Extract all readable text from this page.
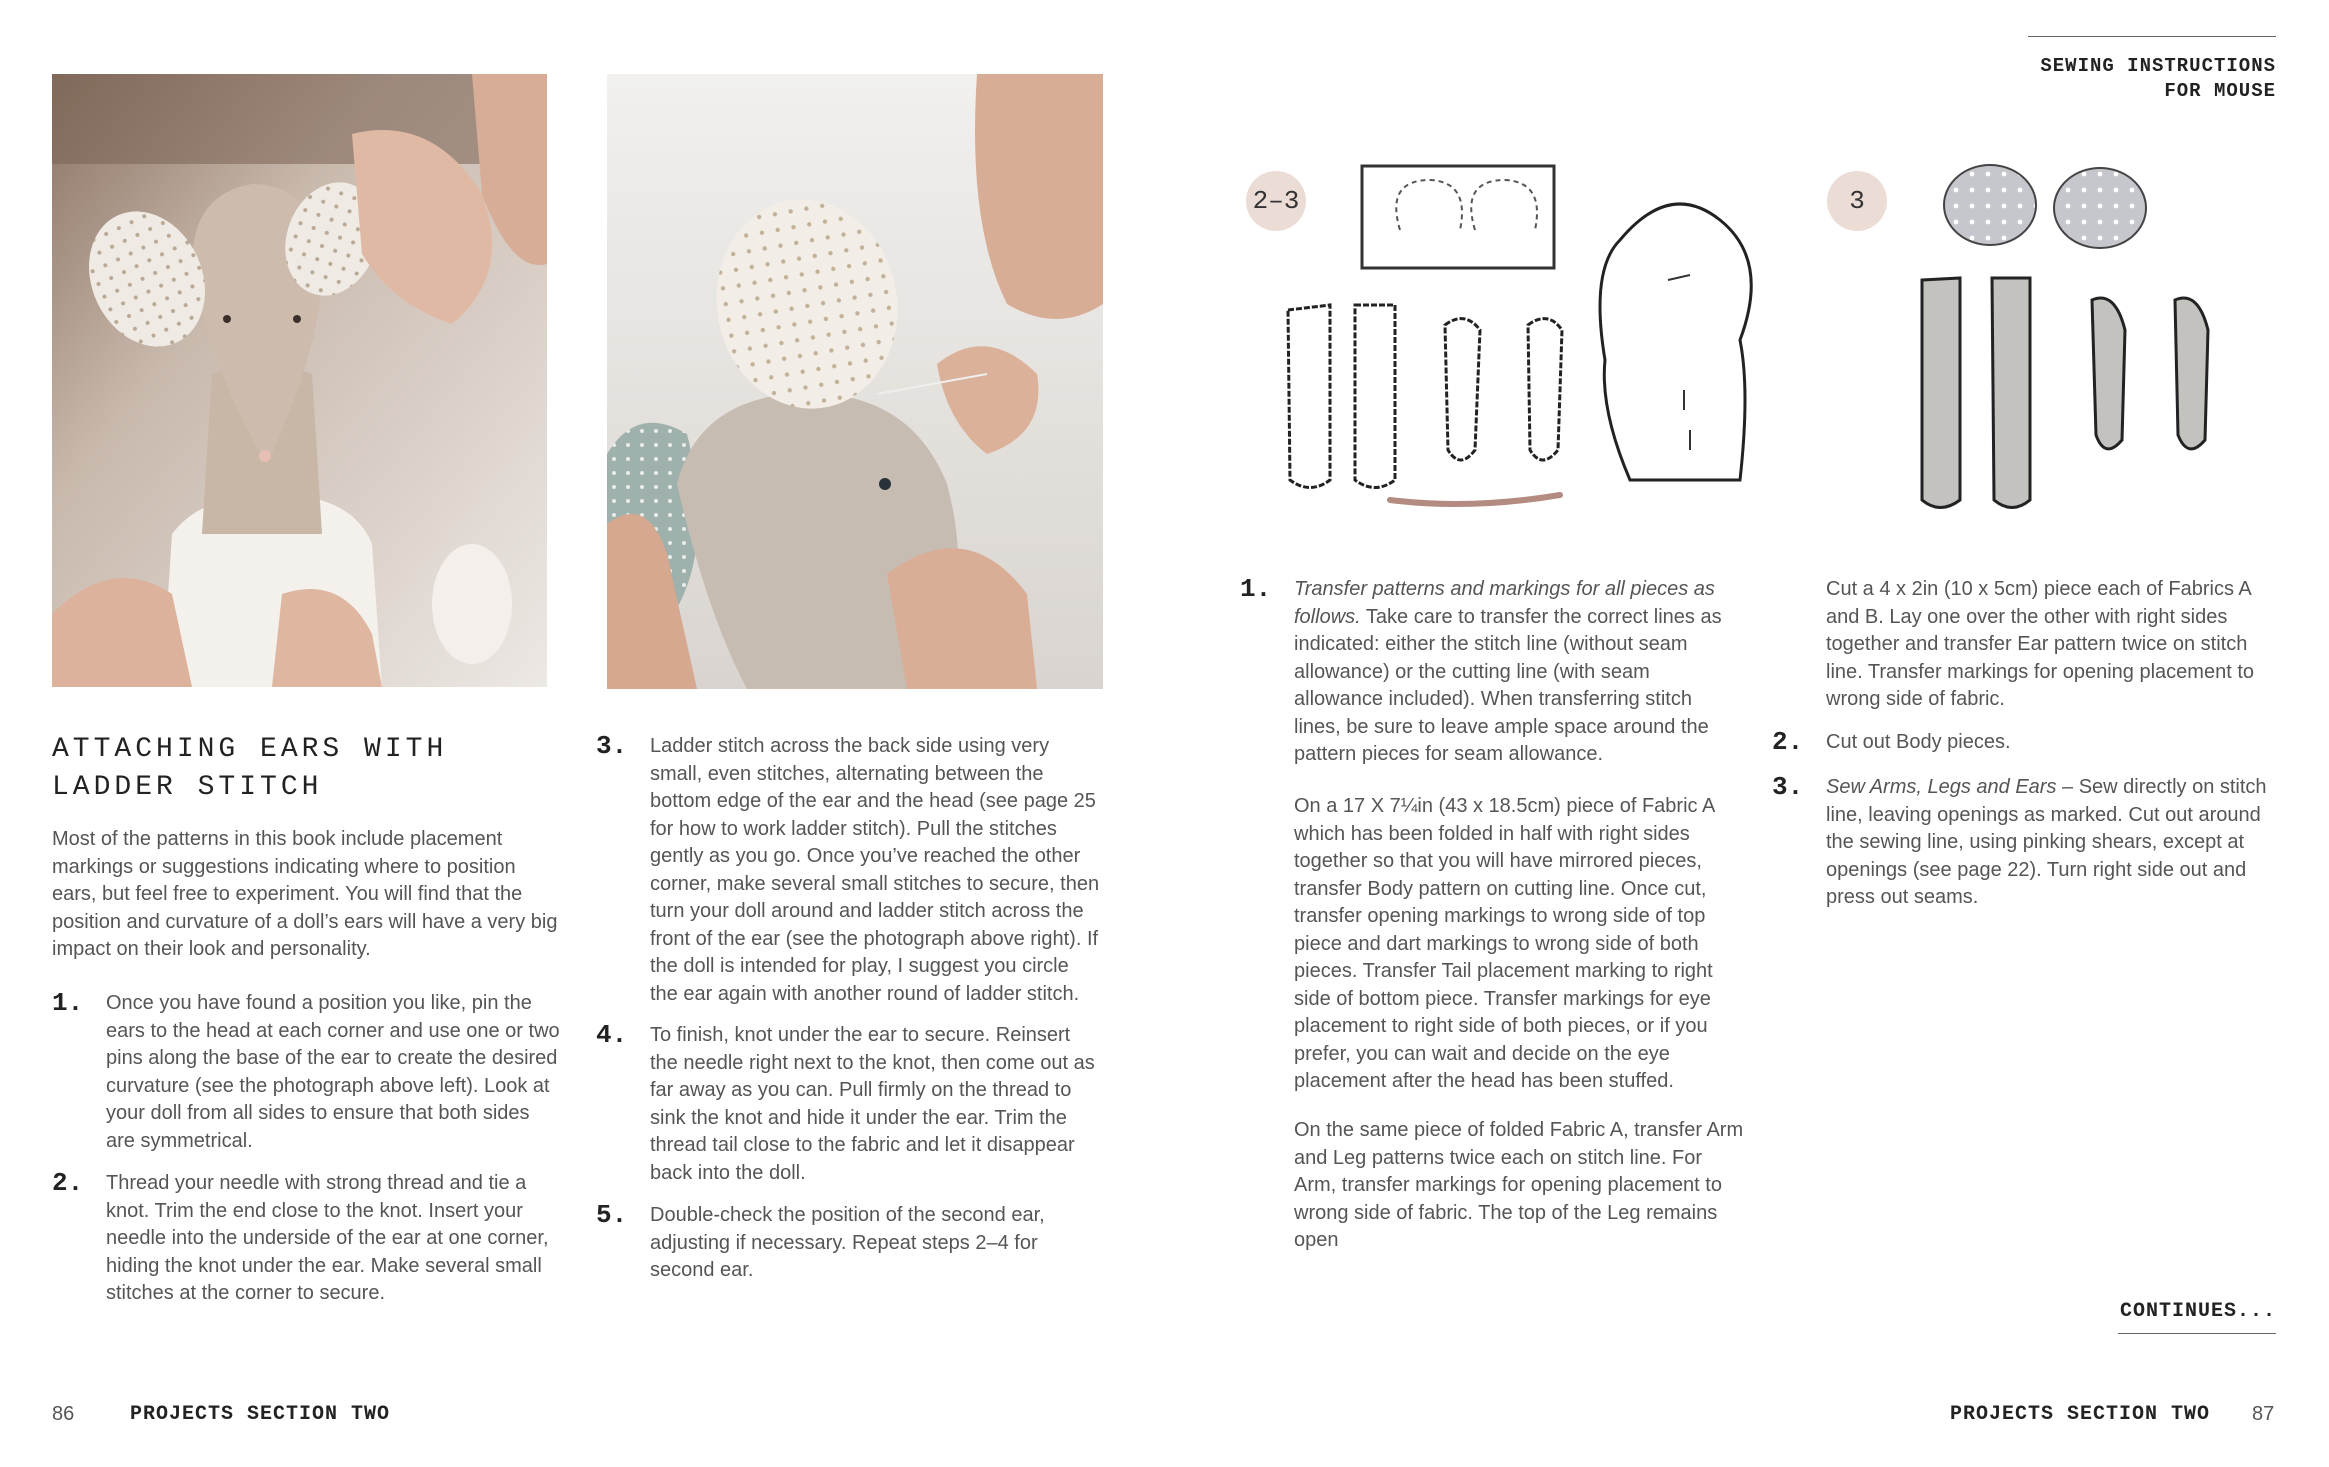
ATTACHING EARS WITH
LADDER STITCH
Most of the patterns in this book include placement markings or suggestions indicating where to position ears, but feel free to experiment. You will find that the position and curvature of a doll’s ears will have a very big impact on their look and personality.
1. Once you have found a position you like, pin the ears to the head at each corner and use one or two pins along the base of the ear to create the desired curvature (see the photograph above left). Look at your doll from all sides to ensure that both sides are symmetrical.
2. Thread your needle with strong thread and tie a knot. Trim the end close to the knot. Insert your needle into the underside of the ear at one corner, hiding the knot under the ear. Make several small stitches at the corner to secure.
3. Ladder stitch across the back side using very small, even stitches, alternating between the bottom edge of the ear and the head (see page 25 for how to work ladder stitch). Pull the stitches gently as you go. Once you’ve reached the other corner, make several small stitches to secure, then turn your doll around and ladder stitch across the front of the ear (see the photograph above right). If the doll is intended for play, I suggest you circle the ear again with another round of ladder stitch.
4. To finish, knot under the ear to secure. Reinsert the needle right next to the knot, then come out as far away as you can. Pull firmly on the thread to sink the knot and hide it under the ear. Trim the thread tail close to the fabric and let it disappear back into the doll.
5. Double-check the position of the second ear, adjusting if necessary. Repeat steps 2–4 for second ear.
86	PROJECTS SECTION TWO
SEWING INSTRUCTIONS
FOR MOUSE
2–3	3
1. Transfer patterns and markings for all pieces as follows. Take care to transfer the correct lines as indicated: either the stitch line (without seam allowance) or the cutting line (with seam allowance included). When transferring stitch lines, be sure to leave ample space around the pattern pieces for seam allowance.
On a 17 X 7¼in (43 x 18.5cm) piece of Fabric A which has been folded in half with right sides together so that you will have mirrored pieces, transfer Body pattern on cutting line. Once cut, transfer opening markings to wrong side of top piece and dart markings to wrong side of both pieces. Transfer Tail placement marking to right side of bottom piece. Transfer markings for eye placement to right side of both pieces, or if you prefer, you can wait and decide on the eye placement after the head has been stuffed.
On the same piece of folded Fabric A, transfer Arm and Leg patterns twice each on stitch line. For Arm, transfer markings for opening placement to wrong side of fabric. The top of the Leg remains open
Cut a 4 x 2in (10 x 5cm) piece each of Fabrics A and B. Lay one over the other with right sides together and transfer Ear pattern twice on stitch line. Transfer markings for opening placement to wrong side of fabric.
2. Cut out Body pieces.
3. Sew Arms, Legs and Ears – Sew directly on stitch line, leaving openings as marked. Cut out around the sewing line, using pinking shears, except at openings (see page 22). Turn right side out and press out seams.
CONTINUES...
PROJECTS SECTION TWO 87
